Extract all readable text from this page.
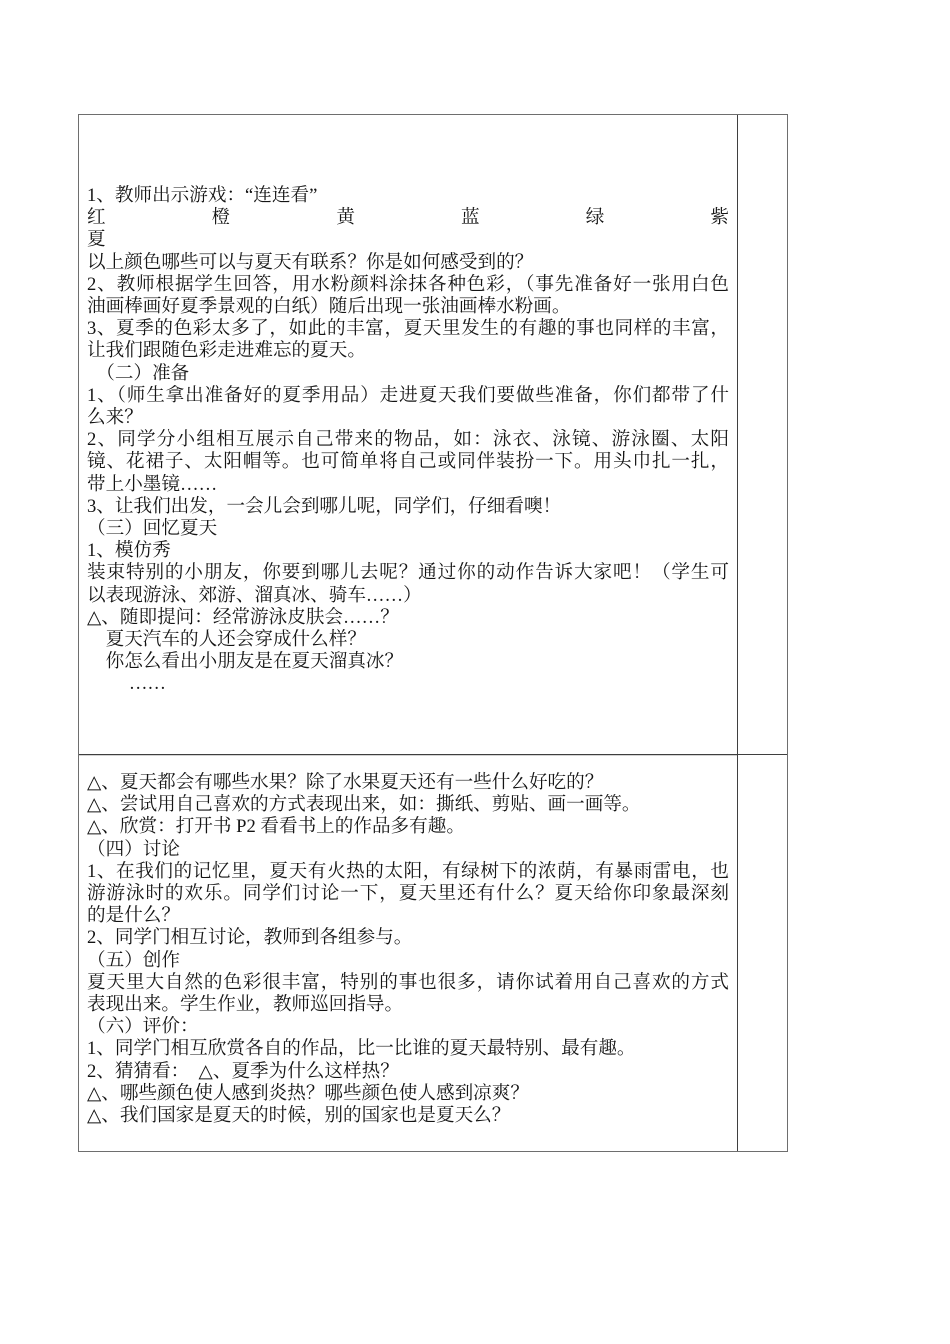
1、教师出示游戏：“连连看”
红	橙	黄	蓝	绿	紫
夏
以上颜色哪些可以与夏天有联系？你是如何感受到的？
2、教师根据学生回答，用水粉颜料涂抹各种色彩，（事先准备好一张用白色
油画棒画好夏季景观的白纸）随后出现一张油画棒水粉画。
3、夏季的色彩太多了，如此的丰富，夏天里发生的有趣的事也同样的丰富，
让我们跟随色彩走进难忘的夏天。
　（二）准备
1、（师生拿出准备好的夏季用品）走进夏天我们要做些准备，你们都带了什
么来？
2、同学分小组相互展示自己带来的物品，如：泳衣、泳镜、游泳圈、太阳
镜、花裙子、太阳帽等。也可简单将自己或同伴装扮一下。用头巾扎一扎，
带上小墨镜……
3、让我们出发，一会儿会到哪儿呢，同学们，仔细看噢！
（三）回忆夏天
1、模仿秀
装束特别的小朋友，你要到哪儿去呢？通过你的动作告诉大家吧！（学生可
以表现游泳、郊游、溜真冰、骑车……）
△、随即提问：经常游泳皮肤会……？
　夏天汽车的人还会穿成什么样？
　你怎么看出小朋友是在夏天溜真冰？
　　 ……
△、夏天都会有哪些水果？除了水果夏天还有一些什么好吃的？
△、尝试用自己喜欢的方式表现出来，如：撕纸、剪贴、画一画等。
△、欣赏：打开书 P2 看看书上的作品多有趣。
（四）讨论
1、在我们的记忆里，夏天有火热的太阳，有绿树下的浓荫，有暴雨雷电，也
游游泳时的欢乐。同学们讨论一下，夏天里还有什么？夏天给你印象最深刻
的是什么？
2、同学门相互讨论，教师到各组参与。
（五）创作
夏天里大自然的色彩很丰富，特别的事也很多，请你试着用自己喜欢的方式
表现出来。学生作业，教师巡回指导。
（六）评价：
1、同学门相互欣赏各自的作品，比一比谁的夏天最特别、最有趣。
2、猜猜看：　△、夏季为什么这样热？
△、哪些颜色使人感到炎热？哪些颜色使人感到凉爽？
△、我们国家是夏天的时候，别的国家也是夏天么？
